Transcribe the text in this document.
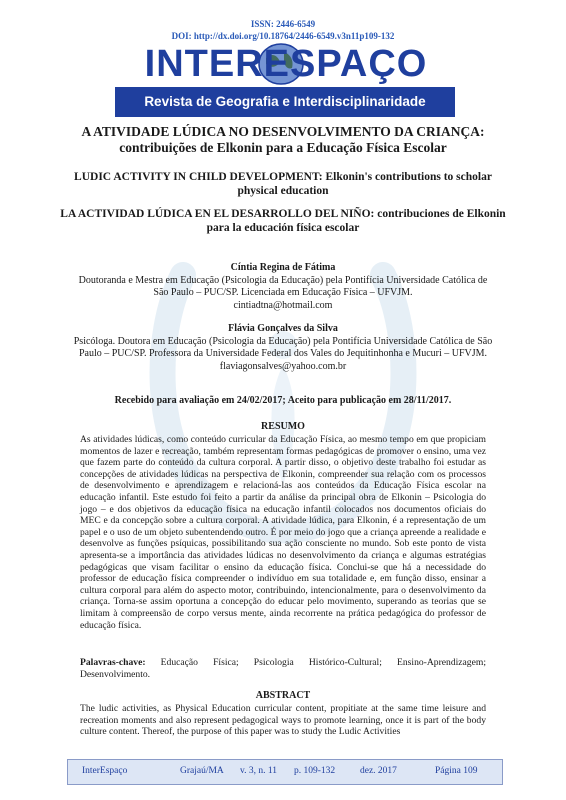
ISSN: 2446-6549
DOI: http://dx.doi.org/10.18764/2446-6549.v3n11p109-132
INTERESPAÇO
Revista de Geografia e Interdisciplinaridade
A ATIVIDADE LÚDICA NO DESENVOLVIMENTO DA CRIANÇA: contribuições de Elkonin para a Educação Física Escolar
LUDIC ACTIVITY IN CHILD DEVELOPMENT: Elkonin's contributions to scholar physical education
LA ACTIVIDAD LÚDICA EN EL DESARROLLO DEL NIÑO: contribuciones de Elkonin para la educación física escolar
Cíntia Regina de Fátima
Doutoranda e Mestra em Educação (Psicologia da Educação) pela Pontifícia Universidade Católica de São Paulo – PUC/SP. Licenciada em Educação Física – UFVJM.
cintiadtna@hotmail.com
Flávia Gonçalves da Silva
Psicóloga. Doutora em Educação (Psicologia da Educação) pela Pontifícia Universidade Católica de São Paulo – PUC/SP. Professora da Universidade Federal dos Vales do Jequitinhonha e Mucuri – UFVJM.
flaviagonsalves@yahoo.com.br
Recebido para avaliação em 24/02/2017; Aceito para publicação em 28/11/2017.
RESUMO
As atividades lúdicas, como conteúdo curricular da Educação Física, ao mesmo tempo em que propiciam momentos de lazer e recreação, também representam formas pedagógicas de promover o ensino, uma vez que fazem parte do conteúdo da cultura corporal. A partir disso, o objetivo deste trabalho foi estudar as concepções de atividades lúdicas na perspectiva de Elkonin, compreender sua relação com os processos de desenvolvimento e aprendizagem e relacioná-las aos conteúdos da Educação Física escolar na educação infantil. Este estudo foi feito a partir da análise da principal obra de Elkonin – Psicologia do jogo – e dos objetivos da educação física na educação infantil colocados nos documentos oficiais do MEC e da concepção sobre a cultura corporal. A atividade lúdica, para Elkonin, é a representação de um papel e o uso de um objeto subentendendo outro. É por meio do jogo que a criança apreende a realidade e desenvolve as funções psíquicas, possibilitando sua ação consciente no mundo. Sob este ponto de vista apresenta-se a importância das atividades lúdicas no desenvolvimento da criança e algumas estratégias pedagógicas que visam facilitar o ensino da educação física. Conclui-se que há a necessidade do professor de educação física compreender o indivíduo em sua totalidade e, em função disso, ensinar a cultura corporal para além do aspecto motor, contribuindo, intencionalmente, para o desenvolvimento da criança. Torna-se assim oportuna a concepção do educar pelo movimento, superando as teorias que se limitam à compreensão de corpo versus mente, ainda recorrente na prática pedagógica do professor de educação física.
Palavras-chave: Educação Física; Psicologia Histórico-Cultural; Ensino-Aprendizagem; Desenvolvimento.
ABSTRACT
The ludic activities, as Physical Education curricular content, propitiate at the same time leisure and recreation moments and also represent pedagogical ways to promote learning, once it is part of the body culture content. Thereof, the purpose of this paper was to study the Ludic Activities
InterEspaço	Grajaú/MA v. 3, n. 11 p. 109-132	dez. 2017	Página 109
